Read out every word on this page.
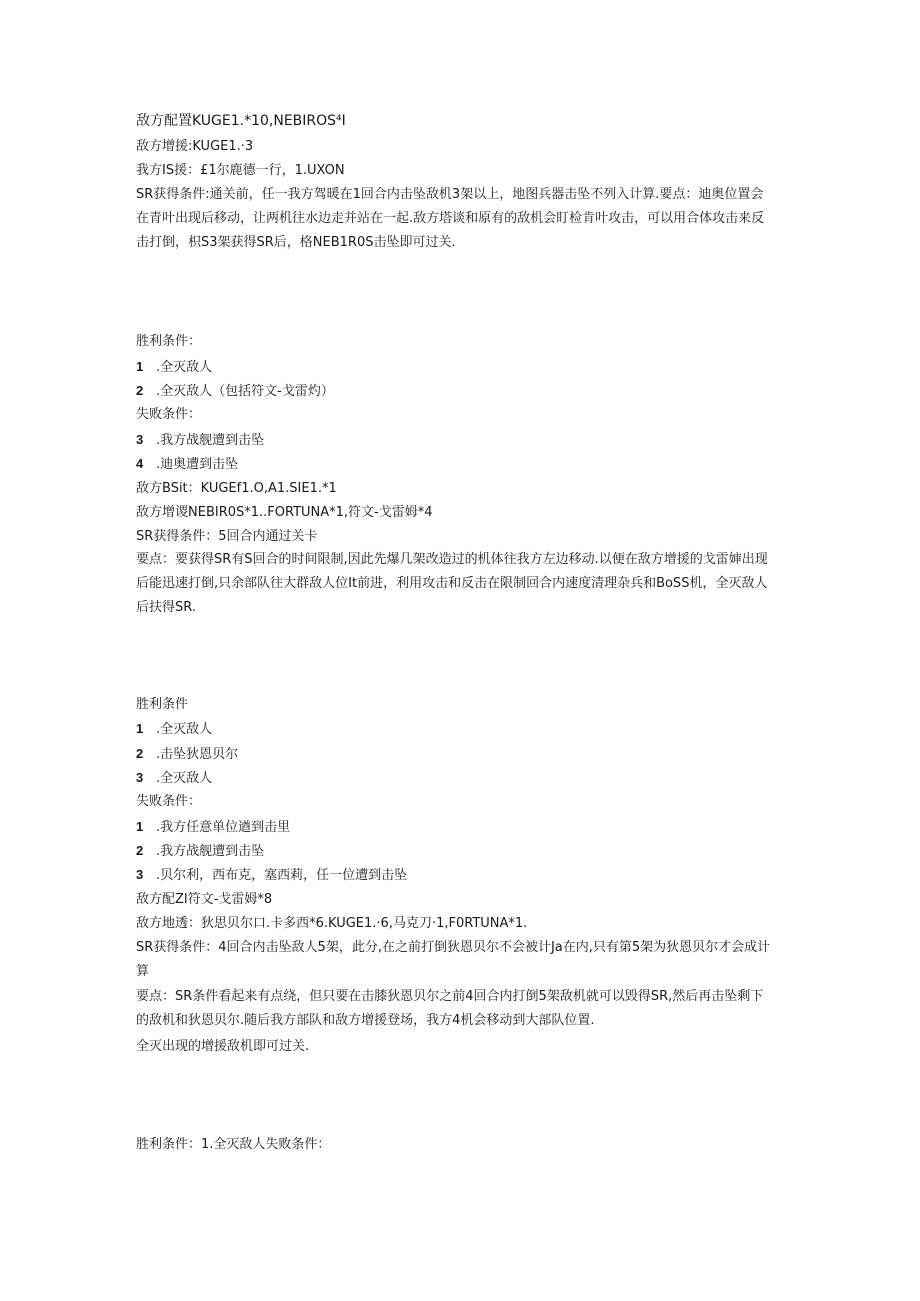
敌方配置KUGE1.*10,NEBIROS⁴I
敌方增援:KUGE1.·3
我方IS援：£1尔鹿德一行，1.UXON
SR获得条件:通关前，任一我方驾暖在1回合内击坠敌机3架以上，地图兵器击坠不列入计算.要点：迪奥位置会在青叶出现后移动，让两机往水边走并站在一起.敌方塔谈和原有的敌机会盯检肯叶攻击，可以用合体攻击来反击打倒，枳S3架获得SR后，格NEB1R0S击坠即可过关.
胜利条件：
1 .全灭敌人
2 .全灭敌人（包括符文-戈雷灼）
失败条件：
3 .我方战舰遭到击坠
4 .迪奥遭到击坠
敌方BSit：KUGEf1.O,A1.SIE1.*1
敌方增谡NEBIR0S*1..FORTUNA*1,符文-戈雷姆*4
SR获得条件：5回合内通过关卡
要点：要获得SR有S回合的时间限制,因此先爆几架改造过的机体往我方左边移动.以便在敌方增援的戈雷婶出现后能迅速打倒,只余部队往大群敌人位It前进，利用攻击和反击在限制回合内速度清理杂兵和BoSS机，全灭敌人后扶得SR.
胜利条件
1 .全灭敌人
2 .击坠狄恩贝尔
3 .全灭敌人
失败条件：
1 .我方任意单位遒到击里
2 .我方战舰遭到击坠
3 .贝尔利，西布克，塞西莉，任一位遭到击坠
敌方配ZI符文-戈雷姆*8
敌方地透：狄思贝尔口.卡多西*6.KUGE1.·6,马克刀·1,F0RTUNA*1.
SR获得条件：4回合内击坠敌人5架，此分,在之前打倒狄恩贝尔不会被计Ja在内,只有第5架为狄恩贝尔才会成计算
要点：SR条件看起来有点绕，但只要在击膝狄恩贝尔之前4回合内打倒5架敌机就可以毁得SR,然后再击坠剩下的敌机和狄恩贝尔.随后我方部队和敌方增援登场，我方4机会移动到大部队位置.
全灭出现的增援敌机即可过关.
胜利条件：1.全灭敌人失败条件：
